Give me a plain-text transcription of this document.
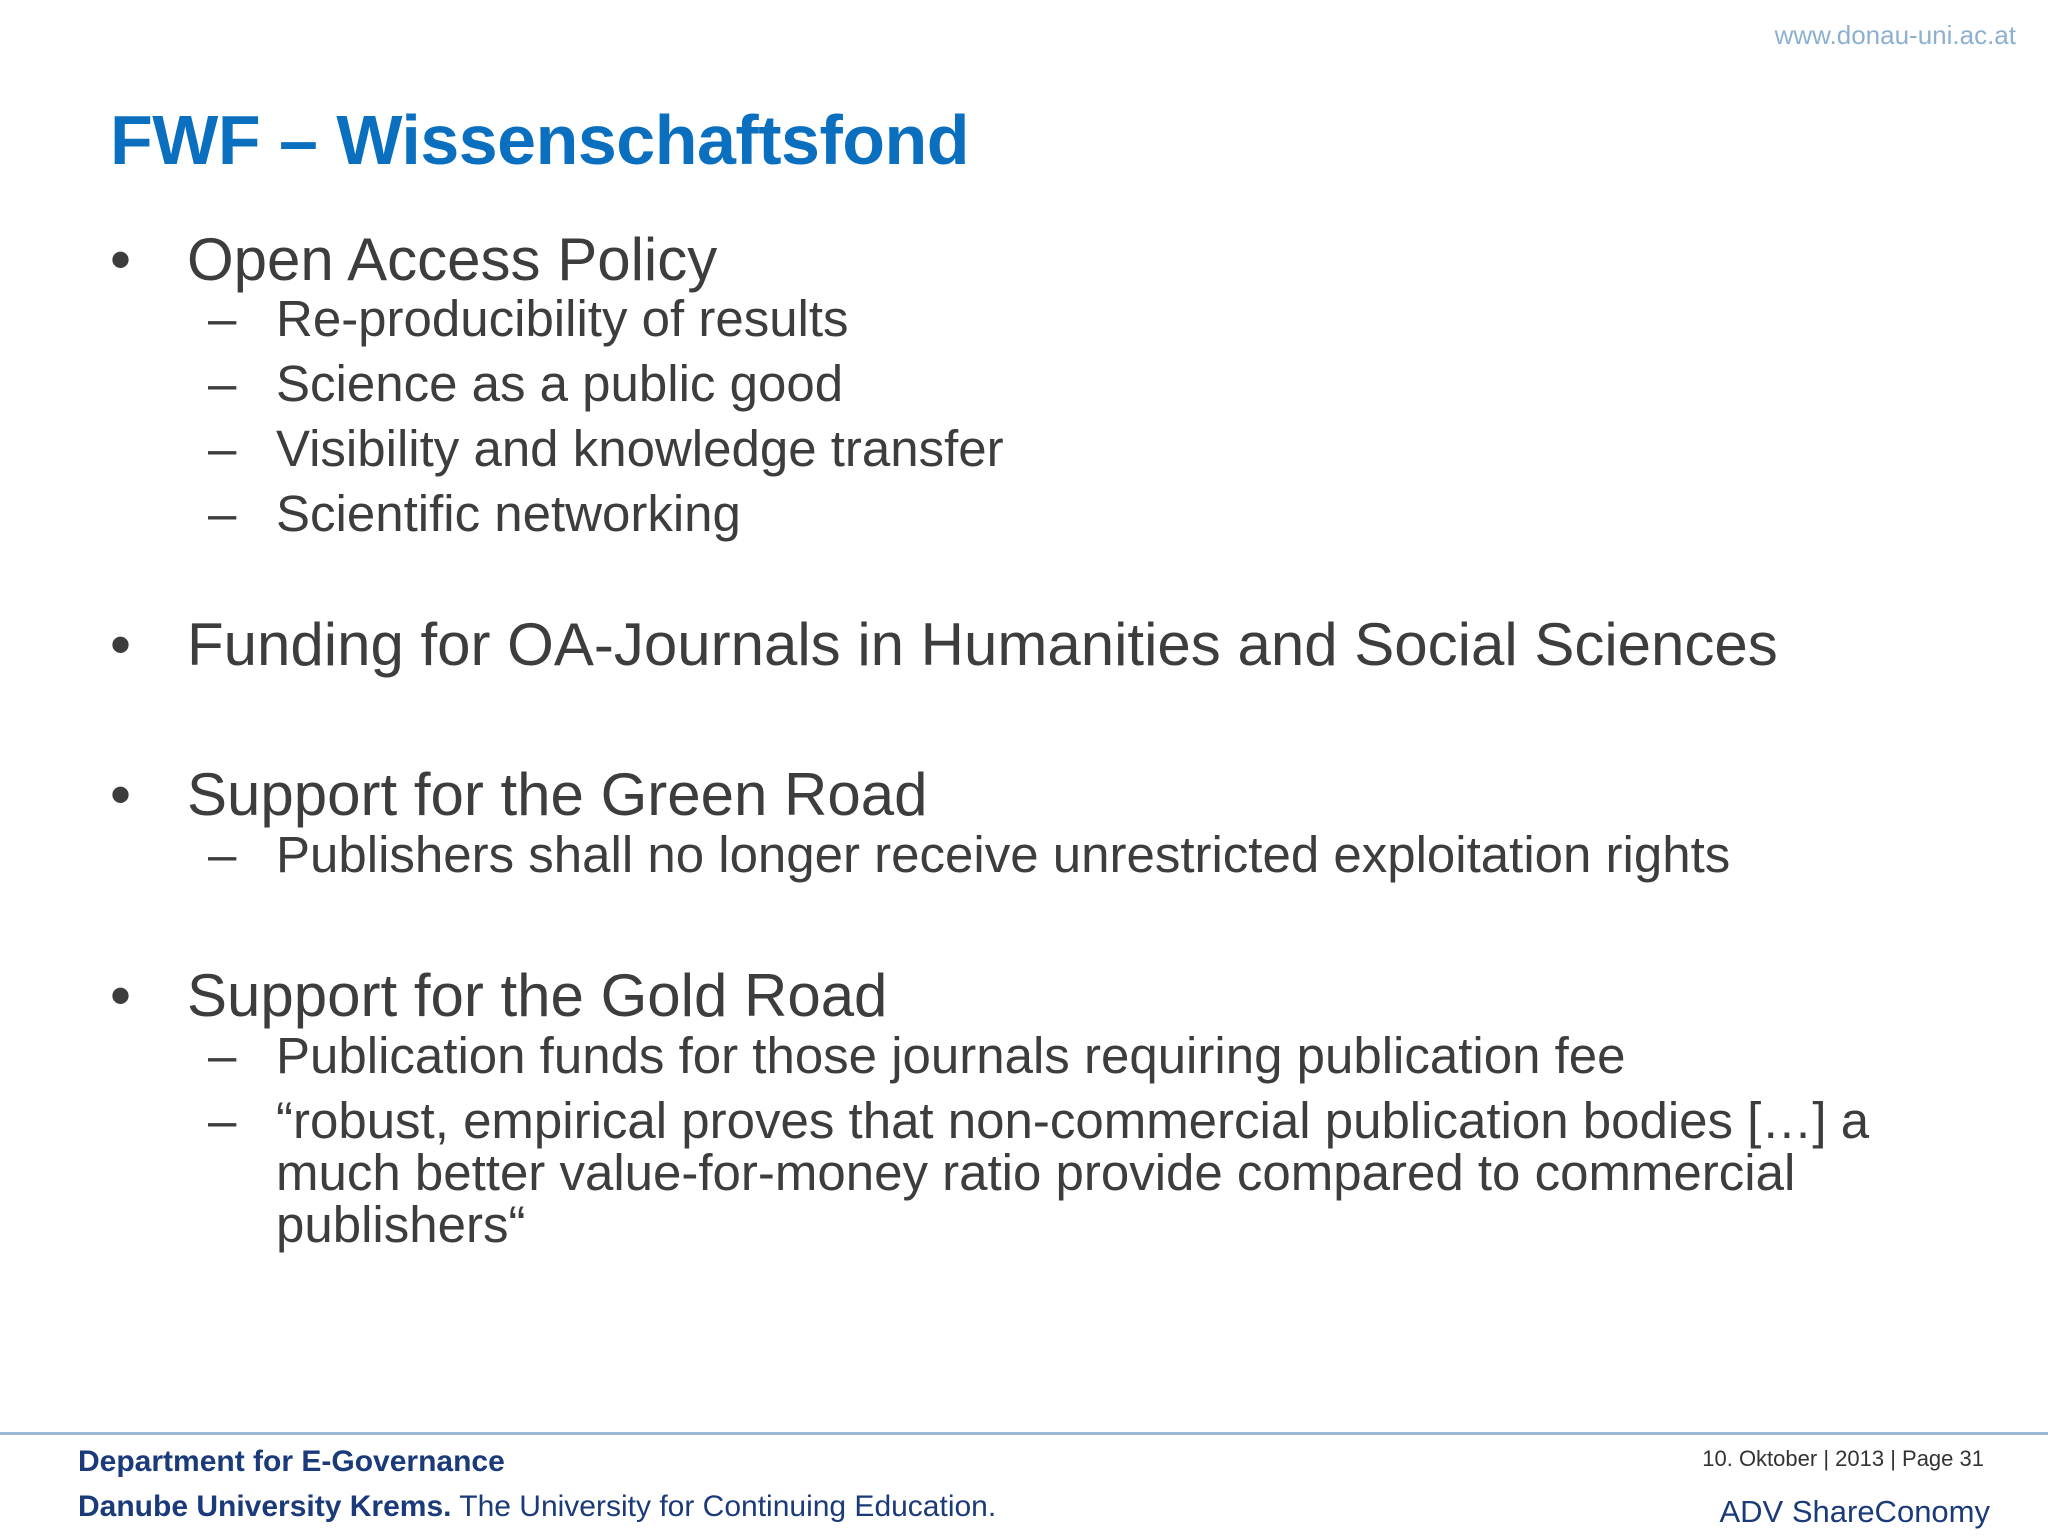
www.donau-uni.ac.at
FWF – Wissenschaftsfond
• Open Access Policy
– Re-producibility of results
– Science as a public good
– Visibility and knowledge transfer
– Scientific networking
• Funding for OA-Journals in Humanities and Social Sciences
• Support for the Green Road
– Publishers shall no longer receive unrestricted exploitation rights
• Support for the Gold Road
– Publication funds for those journals requiring publication fee
– “robust, empirical proves that non-commercial publication bodies […] a much better value-for-money ratio provide compared to commercial publishers“
Department for E-Governance
Danube University Krems. The University for Continuing Education.
10. Oktober | 2013 | Page 31
ADV ShareConomy
